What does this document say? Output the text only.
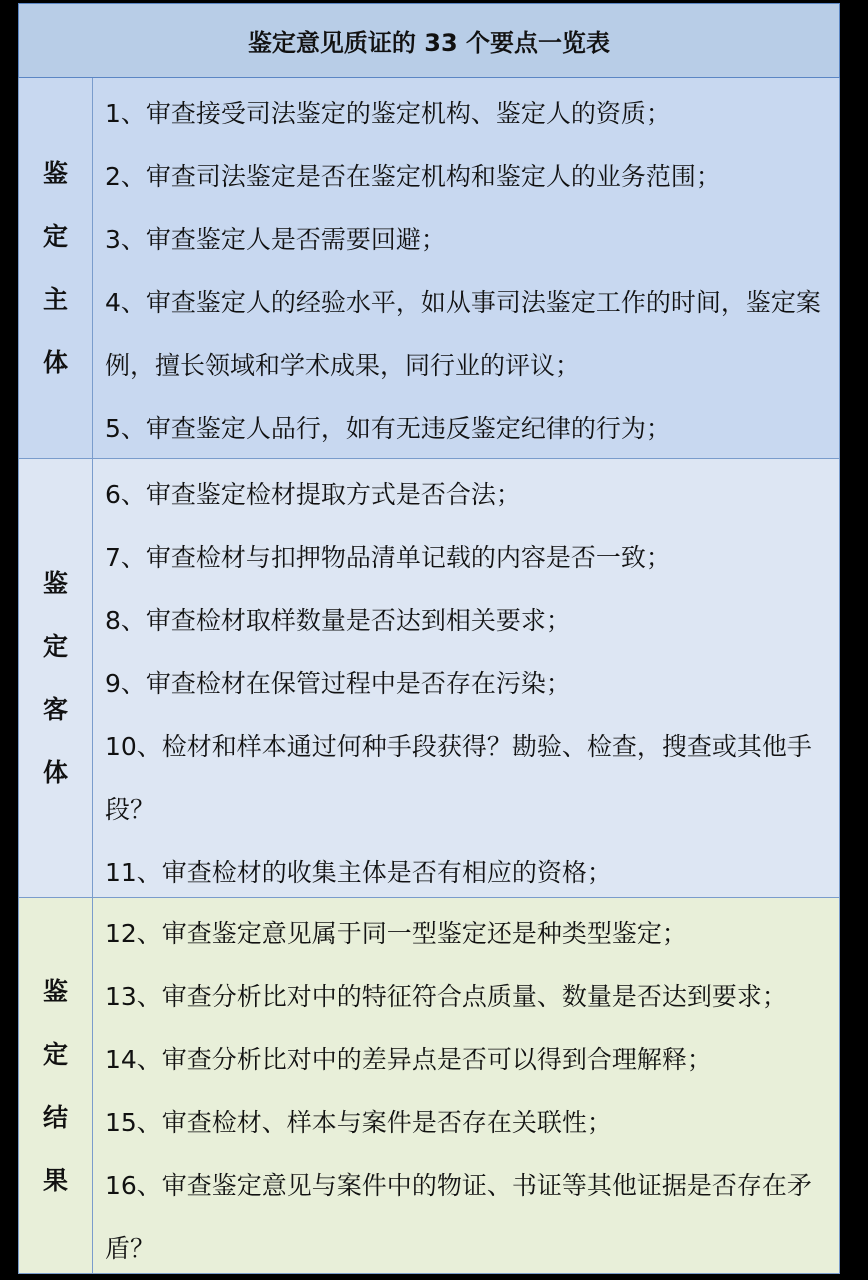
鉴定意见质证的 33 个要点一览表
鉴
定
主
体
1、审查接受司法鉴定的鉴定机构、鉴定人的资质；
2、审查司法鉴定是否在鉴定机构和鉴定人的业务范围；
3、审查鉴定人是否需要回避；
4、审查鉴定人的经验水平，如从事司法鉴定工作的时间，鉴定案例，擅长领域和学术成果，同行业的评议；
5、审查鉴定人品行，如有无违反鉴定纪律的行为；
鉴
定
客
体
6、审查鉴定检材提取方式是否合法；
7、审查检材与扣押物品清单记载的内容是否一致；
8、审查检材取样数量是否达到相关要求；
9、审查检材在保管过程中是否存在污染；
10、检材和样本通过何种手段获得？勘验、检查，搜查或其他手段？
11、审查检材的收集主体是否有相应的资格；
鉴
定
结
果
12、审查鉴定意见属于同一型鉴定还是种类型鉴定；
13、审查分析比对中的特征符合点质量、数量是否达到要求；
14、审查分析比对中的差异点是否可以得到合理解释；
15、审查检材、样本与案件是否存在关联性；
16、审查鉴定意见与案件中的物证、书证等其他证据是否存在矛盾？
